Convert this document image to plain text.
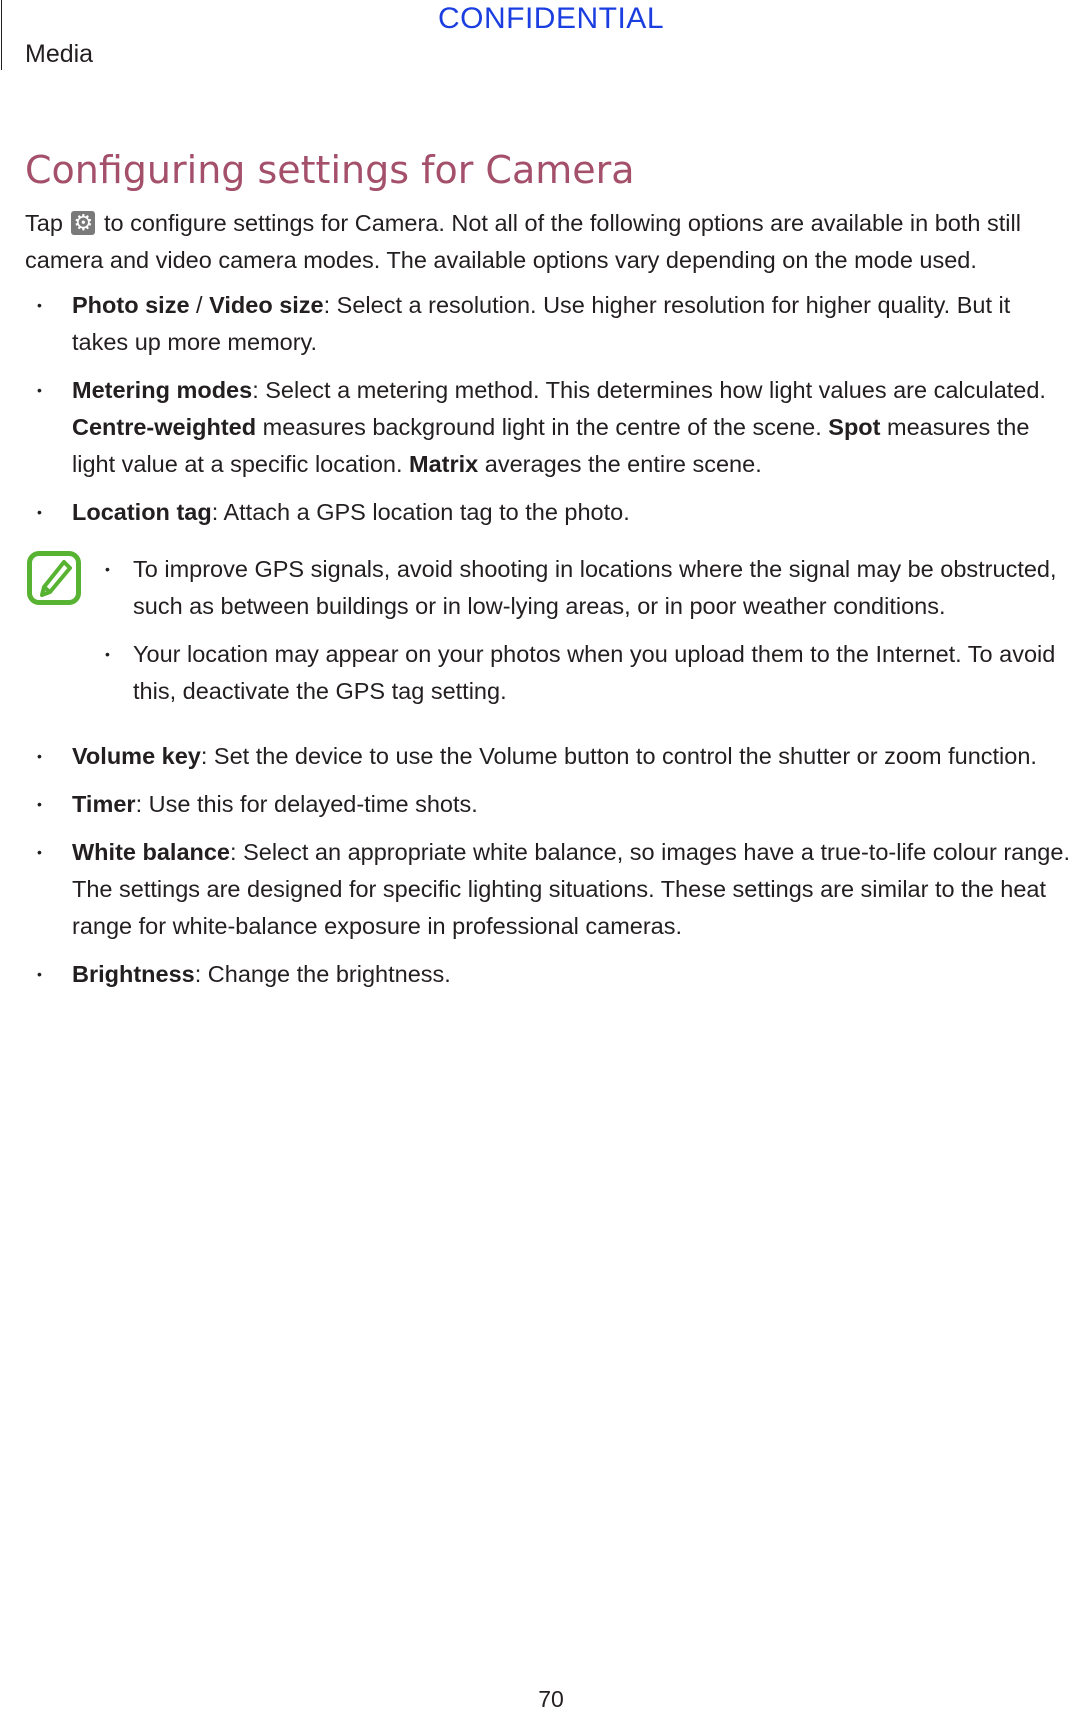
CONFIDENTIAL
Media
Configuring settings for Camera

Tap ⚙ to configure settings for Camera. Not all of the following options are available in both still camera and video camera modes. The available options vary depending on the mode used.

• Photo size / Video size: Select a resolution. Use higher resolution for higher quality. But it takes up more memory.
• Metering modes: Select a metering method. This determines how light values are calculated. Centre-weighted measures background light in the centre of the scene. Spot measures the light value at a specific location. Matrix averages the entire scene.
• Location tag: Attach a GPS location tag to the photo.
• To improve GPS signals, avoid shooting in locations where the signal may be obstructed, such as between buildings or in low-lying areas, or in poor weather conditions.
• Your location may appear on your photos when you upload them to the Internet. To avoid this, deactivate the GPS tag setting.
• Volume key: Set the device to use the Volume button to control the shutter or zoom function.
• Timer: Use this for delayed-time shots.
• White balance: Select an appropriate white balance, so images have a true-to-life colour range. The settings are designed for specific lighting situations. These settings are similar to the heat range for white-balance exposure in professional cameras.
• Brightness: Change the brightness.
70
